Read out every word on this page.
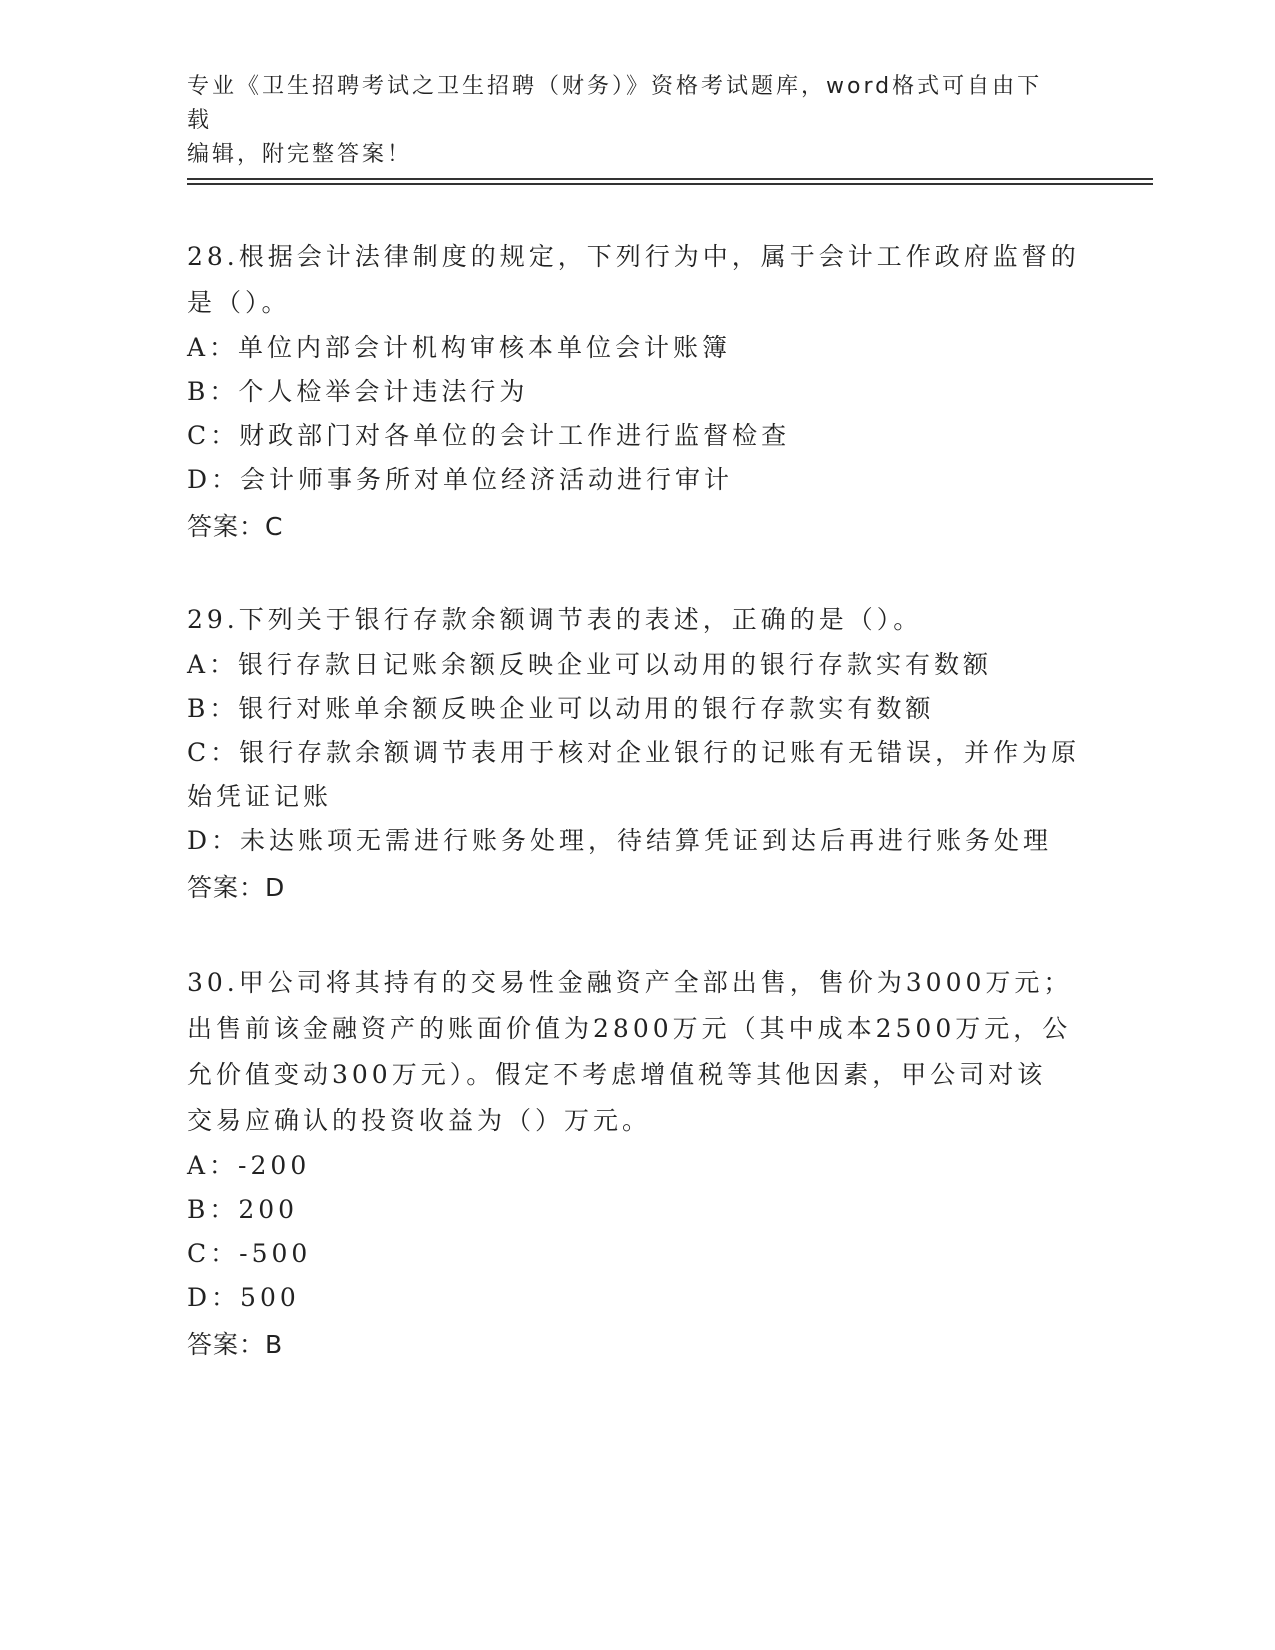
专业《卫生招聘考试之卫生招聘（财务）》资格考试题库，word格式可自由下载
编辑，附完整答案！
28.根据会计法律制度的规定，下列行为中，属于会计工作政府监督的
是（）。
A：单位内部会计机构审核本单位会计账簿
B：个人检举会计违法行为
C：财政部门对各单位的会计工作进行监督检查
D：会计师事务所对单位经济活动进行审计
答案：C
29.下列关于银行存款余额调节表的表述，正确的是（）。
A：银行存款日记账余额反映企业可以动用的银行存款实有数额
B：银行对账单余额反映企业可以动用的银行存款实有数额
C：银行存款余额调节表用于核对企业银行的记账有无错误，并作为原
始凭证记账
D：未达账项无需进行账务处理，待结算凭证到达后再进行账务处理
答案：D
30.甲公司将其持有的交易性金融资产全部出售，售价为3000万元；
出售前该金融资产的账面价值为2800万元（其中成本2500万元，公
允价值变动300万元）。假定不考虑增值税等其他因素，甲公司对该
交易应确认的投资收益为（）万元。
A：-200
B：200
C：-500
D：500
答案：B
